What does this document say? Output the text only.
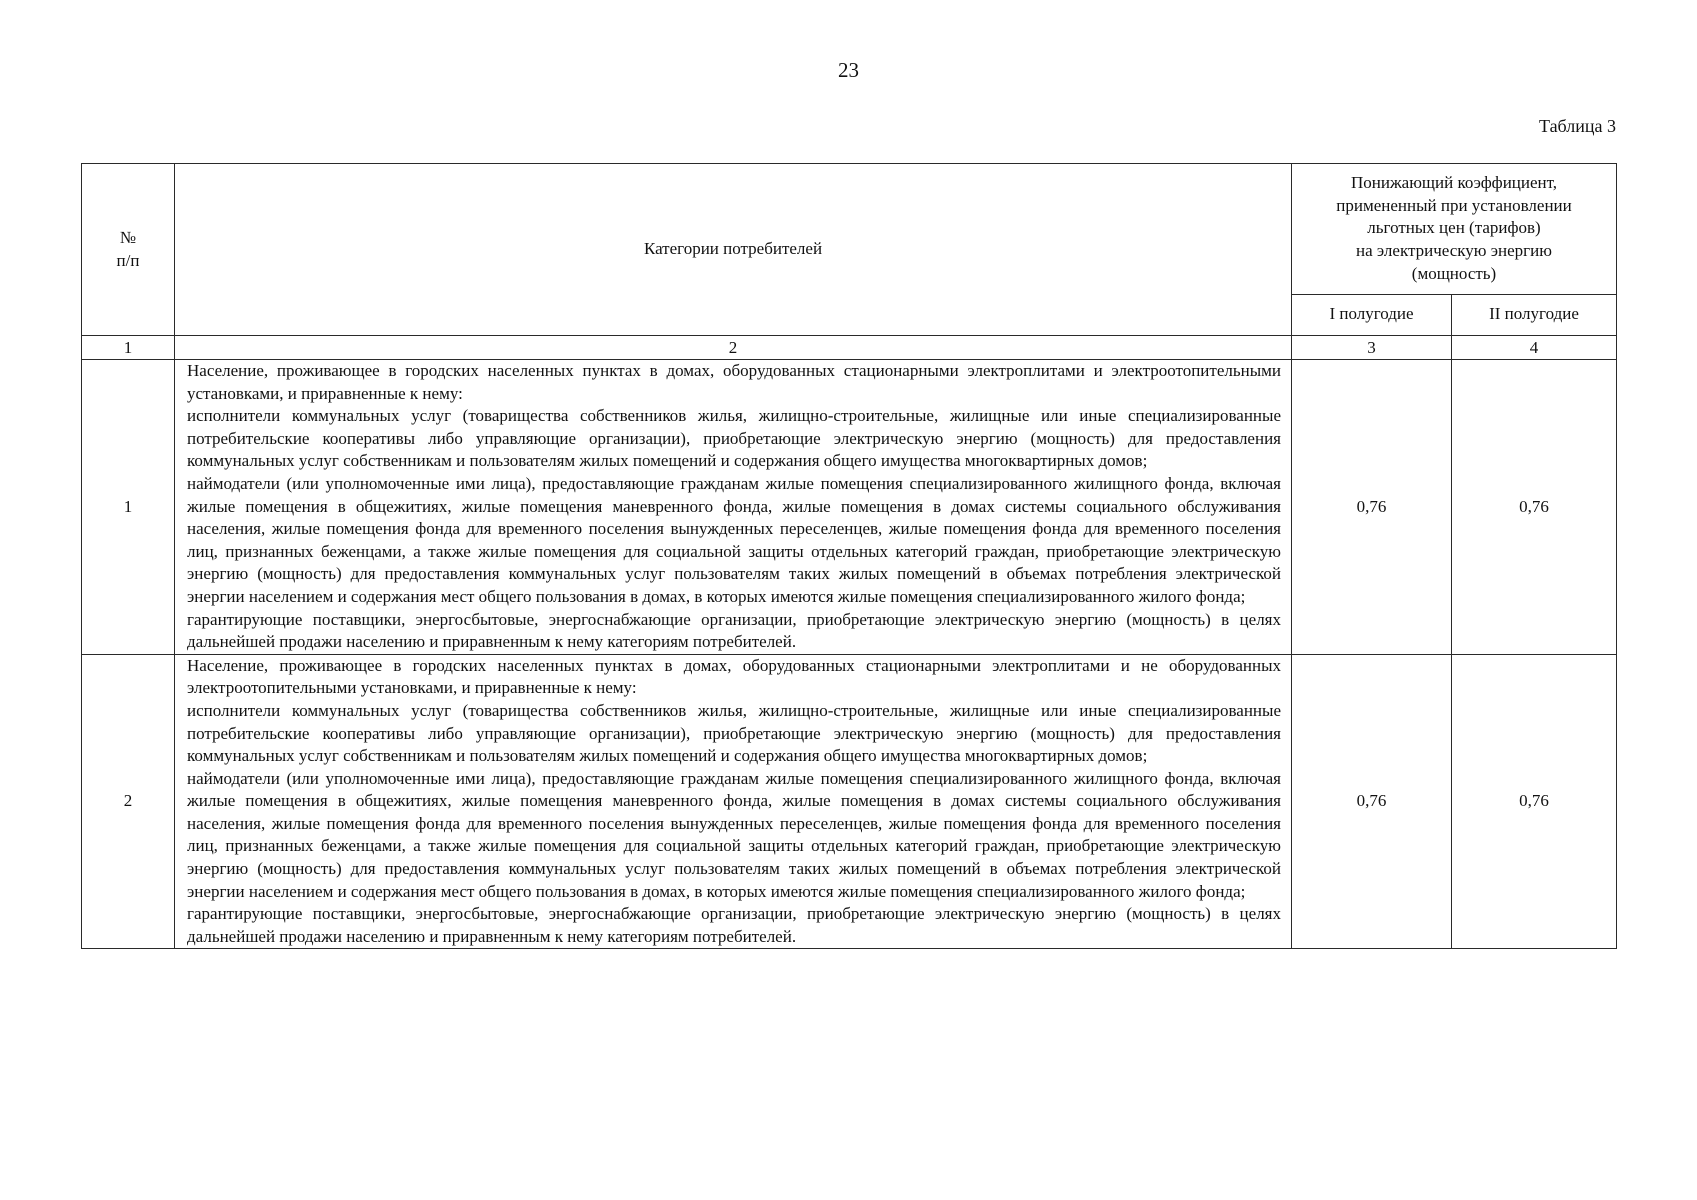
23
Таблица 3
№
п/п	Категории потребителей	Понижающий коэффициент,
примененный при установлении
льготных цен (тарифов)
на электрическую энергию
(мощность)	

		I полугодие	II полугодие
1	2	3	4
1	Население, проживающее в городских населенных пунктах в домах, оборудованных стационарными электроплитами и электроотопительными установками, и приравненные к нему:

исполнители коммунальных услуг (товарищества собственников жилья, жилищно-строительные, жилищные или иные специализированные потребительские кооперативы либо управляющие организации), приобретающие электрическую энергию (мощность) для предоставления коммунальных услуг собственникам и пользователям жилых помещений и содержания общего имущества многоквартирных домов;

наймодатели (или уполномоченные ими лица), предоставляющие гражданам жилые помещения специализированного жилищного фонда, включая жилые помещения в общежитиях, жилые помещения маневренного фонда, жилые помещения в домах системы социального обслуживания населения, жилые помещения фонда для временного поселения вынужденных переселенцев, жилые помещения фонда для временного поселения лиц, признанных беженцами, а также жилые помещения для социальной защиты отдельных категорий граждан, приобретающие электрическую энергию (мощность) для предоставления коммунальных услуг пользователям таких жилых помещений в объемах потребления электрической энергии населением и содержания мест общего пользования в домах, в которых имеются жилые помещения специализированного жилого фонда;

гарантирующие поставщики, энергосбытовые, энергоснабжающие организации, приобретающие электрическую энергию (мощность) в целях дальнейшей продажи населению и приравненным к нему категориям потребителей.	0,76	0,76
2	Население, проживающее в городских населенных пунктах в домах, оборудованных стационарными электроплитами и не оборудованных электроотопительными установками, и приравненные к нему:

исполнители коммунальных услуг (товарищества собственников жилья, жилищно-строительные, жилищные или иные специализированные потребительские кооперативы либо управляющие организации), приобретающие электрическую энергию (мощность) для предоставления коммунальных услуг собственникам и пользователям жилых помещений и содержания общего имущества многоквартирных домов;

наймодатели (или уполномоченные ими лица), предоставляющие гражданам жилые помещения специализированного жилищного фонда, включая жилые помещения в общежитиях, жилые помещения маневренного фонда, жилые помещения в домах системы социального обслуживания населения, жилые помещения фонда для временного поселения вынужденных переселенцев, жилые помещения фонда для временного поселения лиц, признанных беженцами, а также жилые помещения для социальной защиты отдельных категорий граждан, приобретающие электрическую энергию (мощность) для предоставления коммунальных услуг пользователям таких жилых помещений в объемах потребления электрической энергии населением и содержания мест общего пользования в домах, в которых имеются жилые помещения специализированного жилого фонда;

гарантирующие поставщики, энергосбытовые, энергоснабжающие организации, приобретающие электрическую энергию (мощность) в целях дальнейшей продажи населению и приравненным к нему категориям потребителей.	0,76	0,76
